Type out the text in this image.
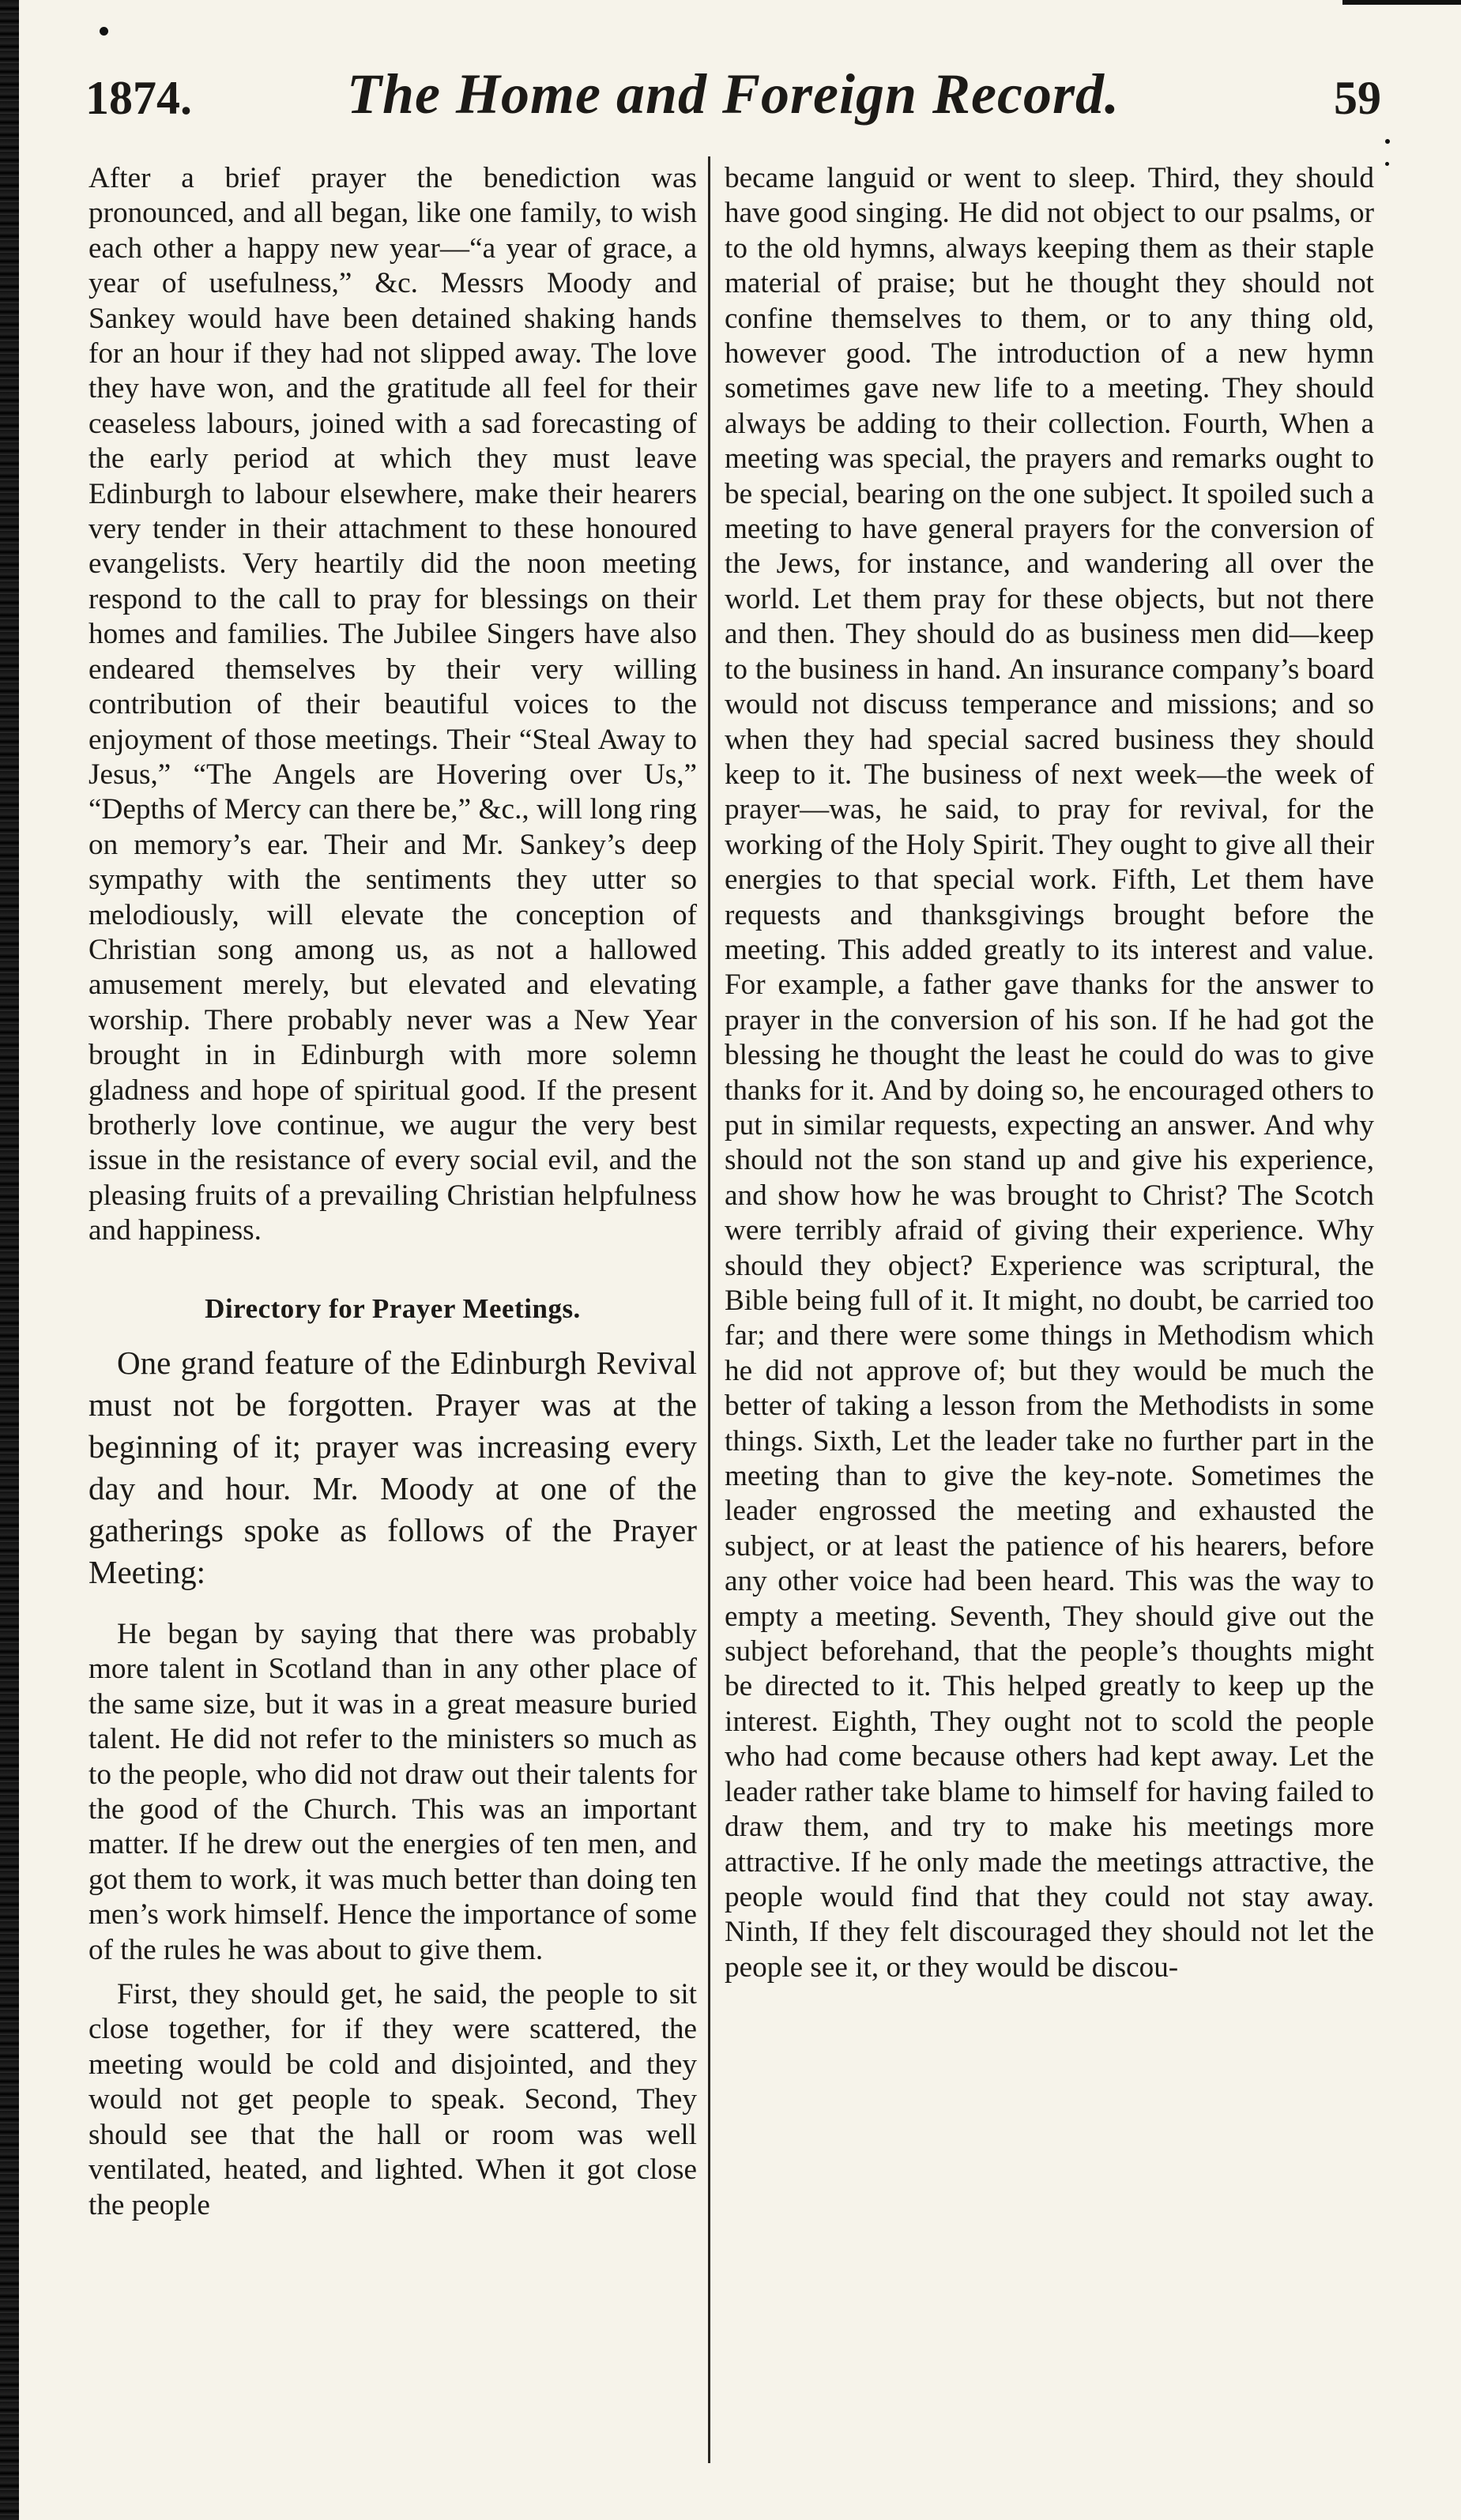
1874.	The Home and Foreign Record.	59

After a brief prayer the benediction was pronounced, and all began, like one family, to wish each other a happy new year—“a year of grace, a year of usefulness,” &c. Messrs Moody and Sankey would have been detained shaking hands for an hour if they had not slipped away. The love they have won, and the gratitude all feel for their ceaseless labours, joined with a sad forecasting of the early period at which they must leave Edinburgh to labour elsewhere, make their hearers very tender in their attachment to these honoured evangelists. Very heartily did the noon meeting respond to the call to pray for blessings on their homes and families. The Jubilee Singers have also endeared themselves by their very willing contribution of their beautiful voices to the enjoyment of those meetings. Their “Steal Away to Jesus,” “The Angels are Hovering over Us,” “Depths of Mercy can there be,” &c., will long ring on memory’s ear. Their and Mr. Sankey’s deep sympathy with the sentiments they utter so melodiously, will elevate the conception of Christian song among us, as not a hallowed amusement merely, but elevated and elevating worship. There probably never was a New Year brought in in Edinburgh with more solemn gladness and hope of spiritual good. If the present brotherly love continue, we augur the very best issue in the resistance of every social evil, and the pleasing fruits of a prevailing Christian helpfulness and happiness.

Directory for Prayer Meetings.

One grand feature of the Edinburgh Revival must not be forgotten. Prayer was at the beginning of it; prayer was increasing every day and hour. Mr. Moody at one of the gatherings spoke as follows of the Prayer Meeting:

He began by saying that there was probably more talent in Scotland than in any other place of the same size, but it was in a great measure buried talent. He did not refer to the ministers so much as to the people, who did not draw out their talents for the good of the Church. This was an important matter. If he drew out the energies of ten men, and got them to work, it was much better than doing ten men’s work himself. Hence the importance of some of the rules he was about to give them.

First, they should get, he said, the people to sit close together, for if they were scattered, the meeting would be cold and disjointed, and they would not get people to speak. Second, They should see that the hall or room was well ventilated, heated, and lighted. When it got close the people

became languid or went to sleep. Third, they should have good singing. He did not object to our psalms, or to the old hymns, always keeping them as their staple material of praise; but he thought they should not confine themselves to them, or to any thing old, however good. The introduction of a new hymn sometimes gave new life to a meeting. They should always be adding to their collection. Fourth, When a meeting was special, the prayers and remarks ought to be special, bearing on the one subject. It spoiled such a meeting to have general prayers for the conversion of the Jews, for instance, and wandering all over the world. Let them pray for these objects, but not there and then. They should do as business men did—keep to the business in hand. An insurance company’s board would not discuss temperance and missions; and so when they had special sacred business they should keep to it. The business of next week—the week of prayer—was, he said, to pray for revival, for the working of the Holy Spirit. They ought to give all their energies to that special work. Fifth, Let them have requests and thanksgivings brought before the meeting. This added greatly to its interest and value. For example, a father gave thanks for the answer to prayer in the conversion of his son. If he had got the blessing he thought the least he could do was to give thanks for it. And by doing so, he encouraged others to put in similar requests, expecting an answer. And why should not the son stand up and give his experience, and show how he was brought to Christ? The Scotch were terribly afraid of giving their experience. Why should they object? Experience was scriptural, the Bible being full of it. It might, no doubt, be carried too far; and there were some things in Methodism which he did not approve of; but they would be much the better of taking a lesson from the Methodists in some things. Sixth, Let the leader take no further part in the meeting than to give the key-note. Sometimes the leader engrossed the meeting and exhausted the subject, or at least the patience of his hearers, before any other voice had been heard. This was the way to empty a meeting. Seventh, They should give out the subject beforehand, that the people’s thoughts might be directed to it. This helped greatly to keep up the interest. Eighth, They ought not to scold the people who had come because others had kept away. Let the leader rather take blame to himself for having failed to draw them, and try to make his meetings more attractive. If he only made the meetings attractive, the people would find that they could not stay away. Ninth, If they felt discouraged they should not let the people see it, or they would be discou-
